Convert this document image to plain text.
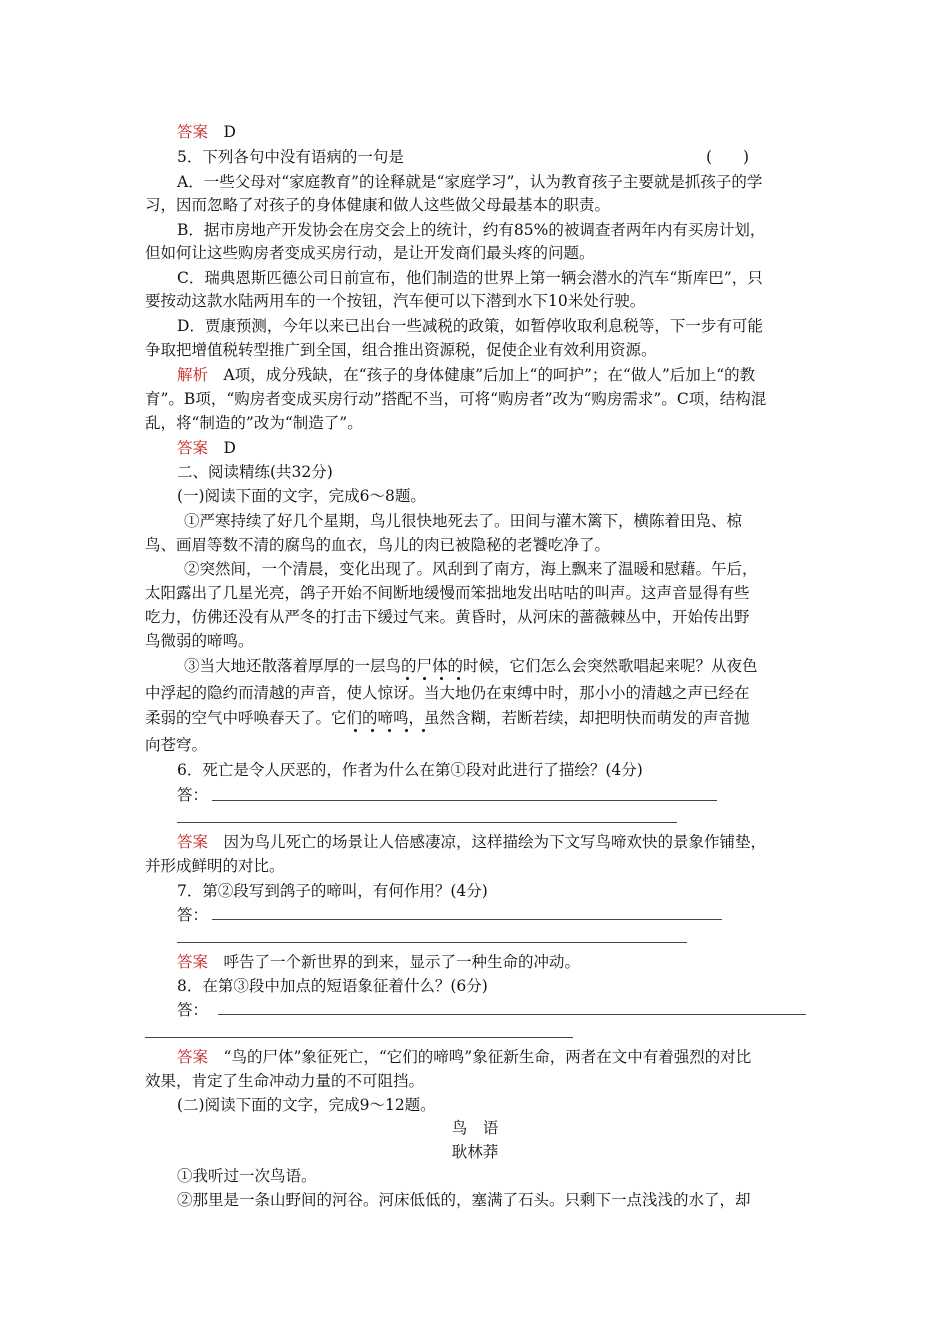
答案　 D
5．下列各句中没有语病的一句是	(　　)
A．一些父母对“家庭教育”的诠释就是“家庭学习”，认为教育孩子主要就是抓孩子的学
习，因而忽略了对孩子的身体健康和做人这些做父母最基本的职责。
B．据市房地产开发协会在房交会上的统计，约有85%的被调查者两年内有买房计划，
但如何让这些购房者变成买房行动，是让开发商们最头疼的问题。
C．瑞典恩斯匹德公司日前宣布，他们制造的世界上第一辆会潜水的汽车“斯库巴”，只
要按动这款水陆两用车的一个按钮，汽车便可以下潜到水下10米处行驶。
D．贾康预测，今年以来已出台一些减税的政策，如暂停收取利息税等，下一步有可能
争取把增值税转型推广到全国，组合推出资源税，促使企业有效利用资源。
解析　A项，成分残缺，在“孩子的身体健康”后加上“的呵护”；在“做人”后加上“的教
育”。B项，“购房者变成买房行动”搭配不当，可将“购房者”改为“购房需求”。C项，结构混
乱，将“制造的”改为“制造了”。
答案　 D
二、阅读精练(共32分)
(一)阅读下面的文字，完成6～8题。
①严寒持续了好几个星期，鸟儿很快地死去了。田间与灌木篱下，横陈着田凫、椋
鸟、画眉等数不清的腐鸟的血衣，鸟儿的肉已被隐秘的老饕吃净了。
②突然间，一个清晨，变化出现了。风刮到了南方，海上飘来了温暖和慰藉。午后，
太阳露出了几星光亮，鸽子开始不间断地缓慢而笨拙地发出咕咕的叫声。这声音显得有些
吃力，仿佛还没有从严冬的打击下缓过气来。黄昏时，从河床的蔷薇棘丛中，开始传出野
鸟微弱的啼鸣。
③当大地还散落着厚厚的一层鸟的尸体的时候，它们怎么会突然歌唱起来呢？从夜色
中浮起的隐约而清越的声音，使人惊讶。当大地仍在束缚中时，那小小的清越之声已经在
柔弱的空气中呼唤春天了。它们的啼鸣，虽然含糊，若断若续，却把明快而萌发的声音抛
向苍穹。
6．死亡是令人厌恶的，作者为什么在第①段对此进行了描绘？(4分)
答：
答案　因为鸟儿死亡的场景让人倍感凄凉，这样描绘为下文写鸟啼欢快的景象作铺垫，
并形成鲜明的对比。
7．第②段写到鸽子的啼叫，有何作用？(4分)
答：
答案　呼告了一个新世界的到来，显示了一种生命的冲动。
8．在第③段中加点的短语象征着什么？(6分)
答：
答案　“鸟的尸体”象征死亡，“它们的啼鸣”象征新生命，两者在文中有着强烈的对比
效果，肯定了生命冲动力量的不可阻挡。
(二)阅读下面的文字，完成9～12题。
鸟　语
耿林莽
①我听过一次鸟语。
②那里是一条山野间的河谷。河床低低的，塞满了石头。只剩下一点浅浅的水了，却
